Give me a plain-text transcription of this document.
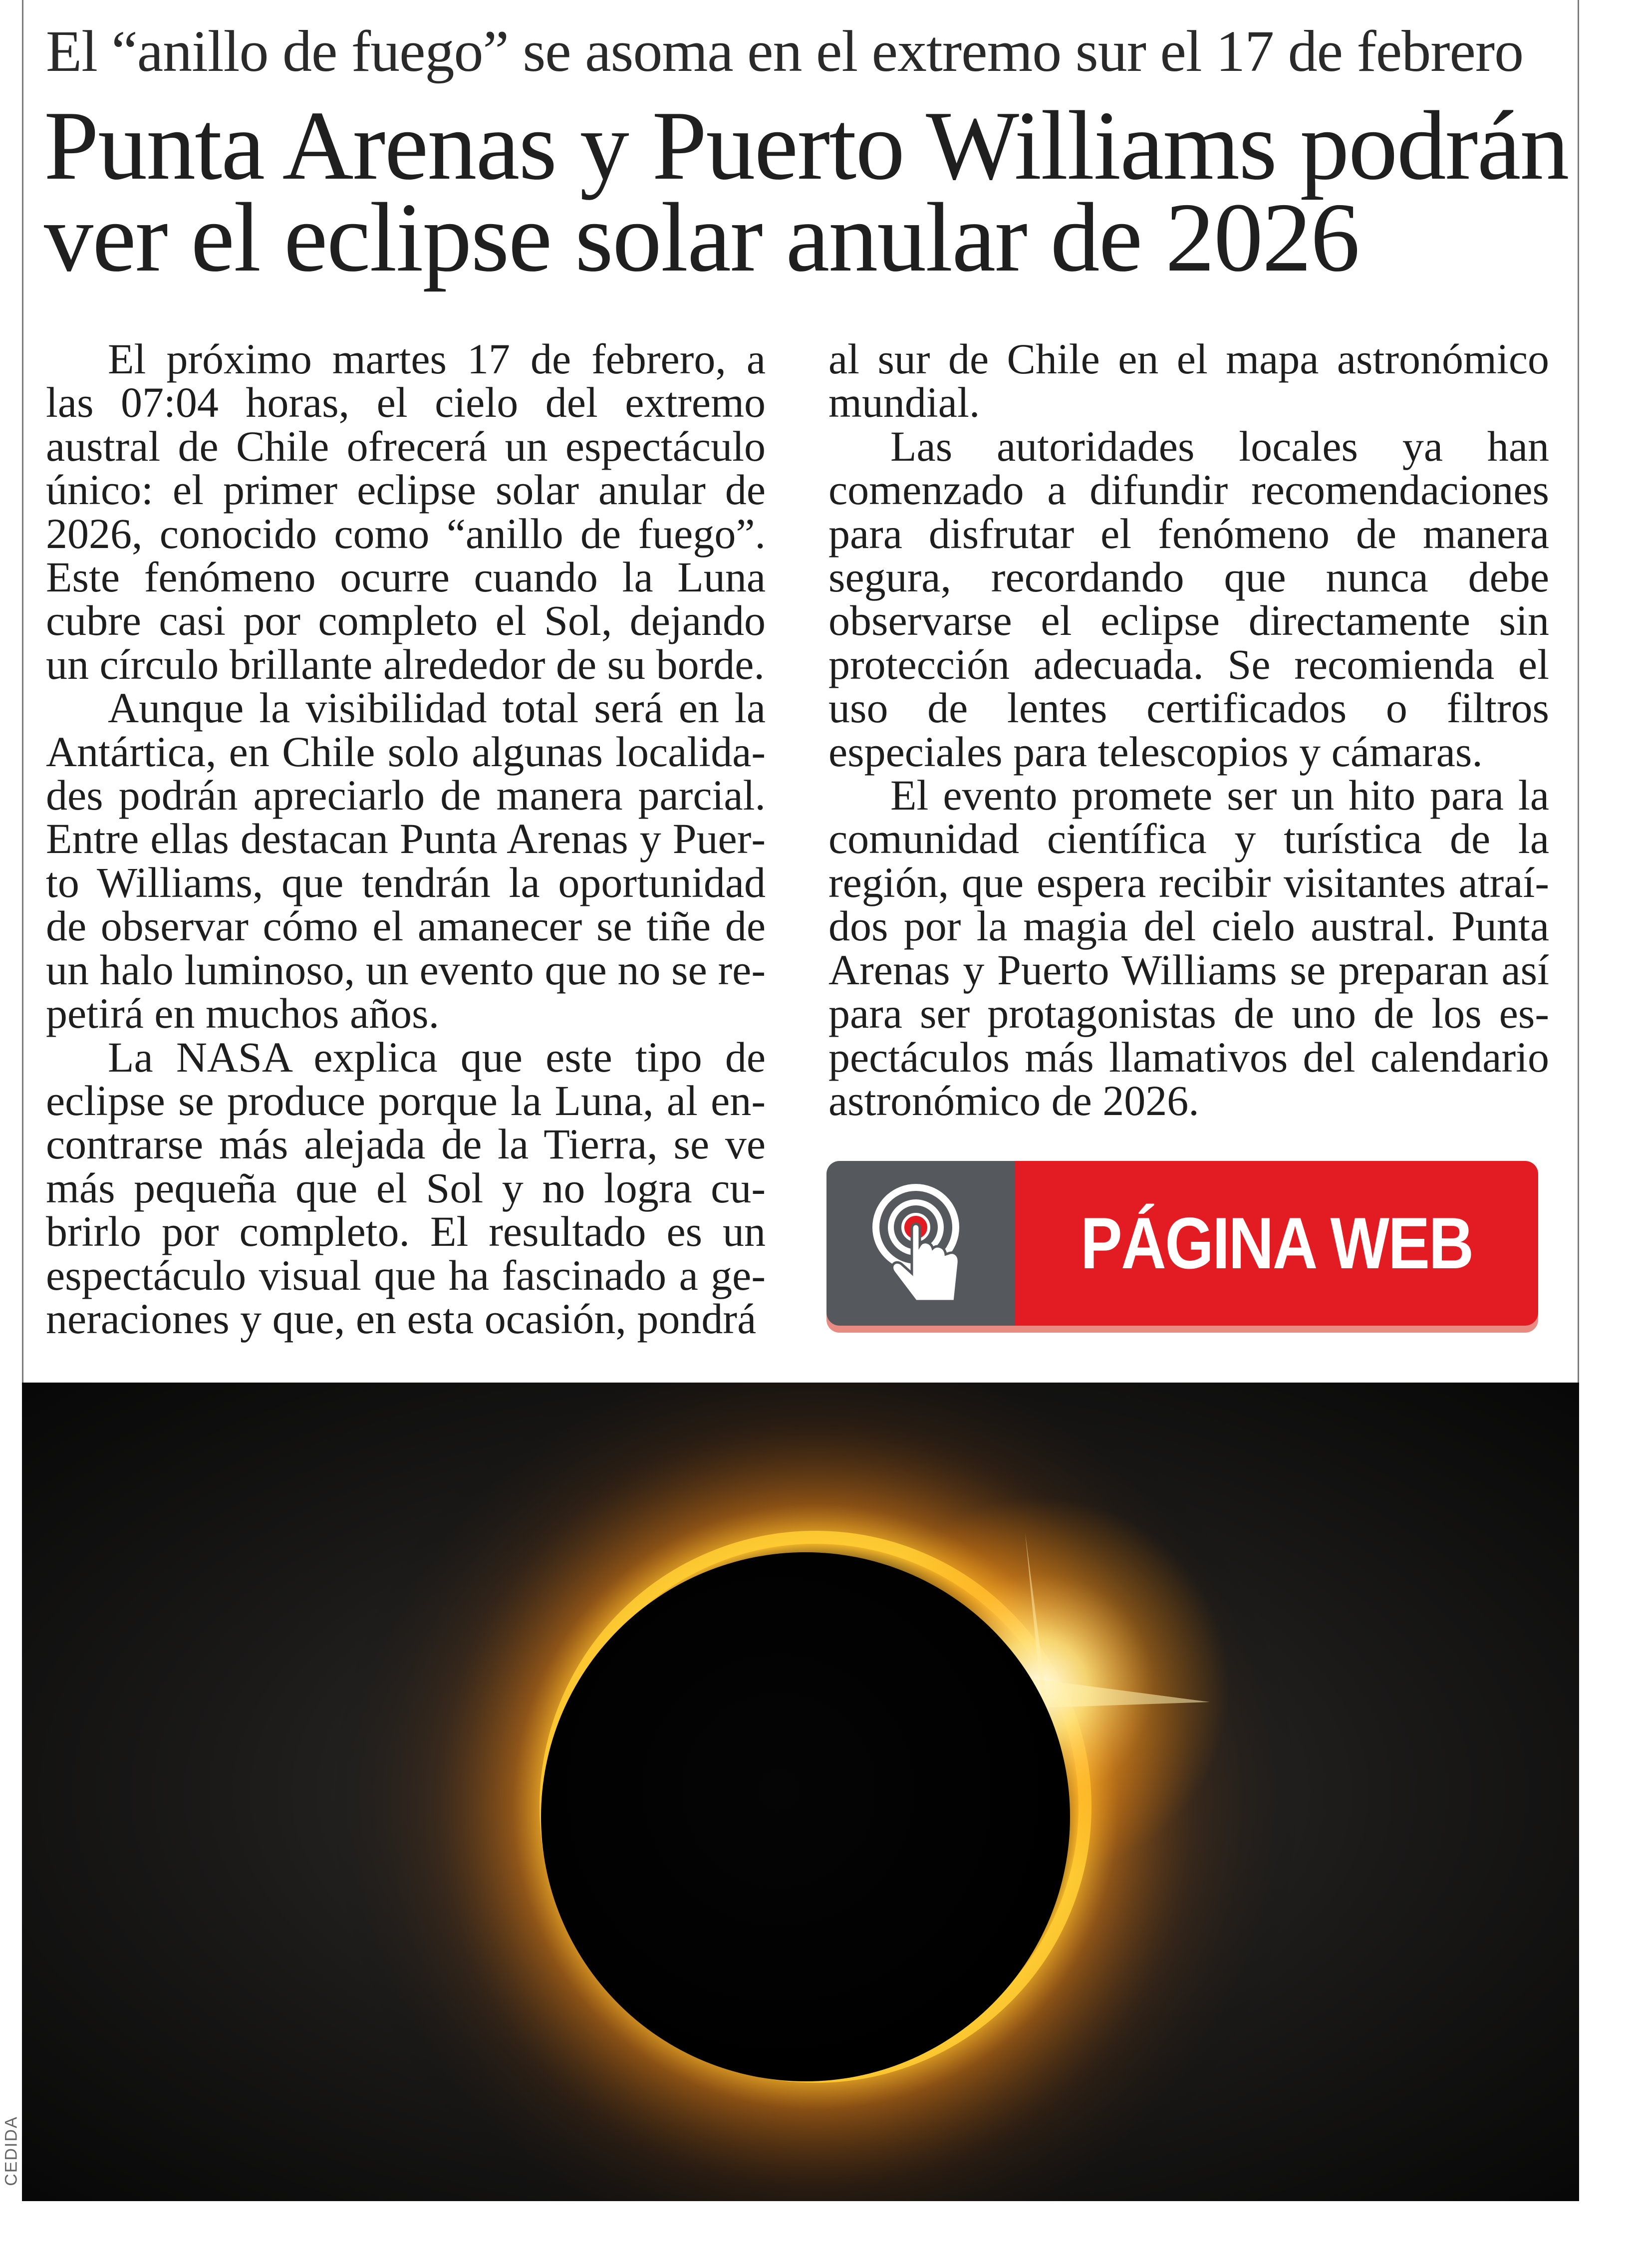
El “anillo de fuego” se asoma en el extremo sur el 17 de febrero
Punta Arenas y Puerto Williams podrán
ver el eclipse solar anular de 2026

El próximo martes 17 de febrero, a las 07:04 horas, el cielo del extremo austral de Chile ofrecerá un espectáculo único: el primer eclipse solar anular de 2026, conocido como “anillo de fuego”. Este fenómeno ocurre cuando la Luna cubre casi por completo el Sol, dejando un círculo brillante alrededor de su borde.

Aunque la visibilidad total será en la Antártica, en Chile solo algunas localidades podrán apreciarlo de manera parcial. Entre ellas destacan Punta Arenas y Puerto Williams, que tendrán la oportunidad de observar cómo el amanecer se tiñe de un halo luminoso, un evento que no se repetirá en muchos años.

La NASA explica que este tipo de eclipse se produce porque la Luna, al encontrarse más alejada de la Tierra, se ve más pequeña que el Sol y no logra cubrirlo por completo. El resultado es un espectáculo visual que ha fascinado a generaciones y que, en esta ocasión, pondrá

al sur de Chile en el mapa astronómico mundial.

Las autoridades locales ya han comenzado a difundir recomendaciones para disfrutar el fenómeno de manera segura, recordando que nunca debe observarse el eclipse directamente sin protección adecuada. Se recomienda el uso de lentes certificados o filtros especiales para telescopios y cámaras.

El evento promete ser un hito para la comunidad científica y turística de la región, que espera recibir visitantes atraídos por la magia del cielo austral. Punta Arenas y Puerto Williams se preparan así para ser protagonistas de uno de los espectáculos más llamativos del calendario astronómico de 2026.

PÁGINA WEB
CEDIDA
